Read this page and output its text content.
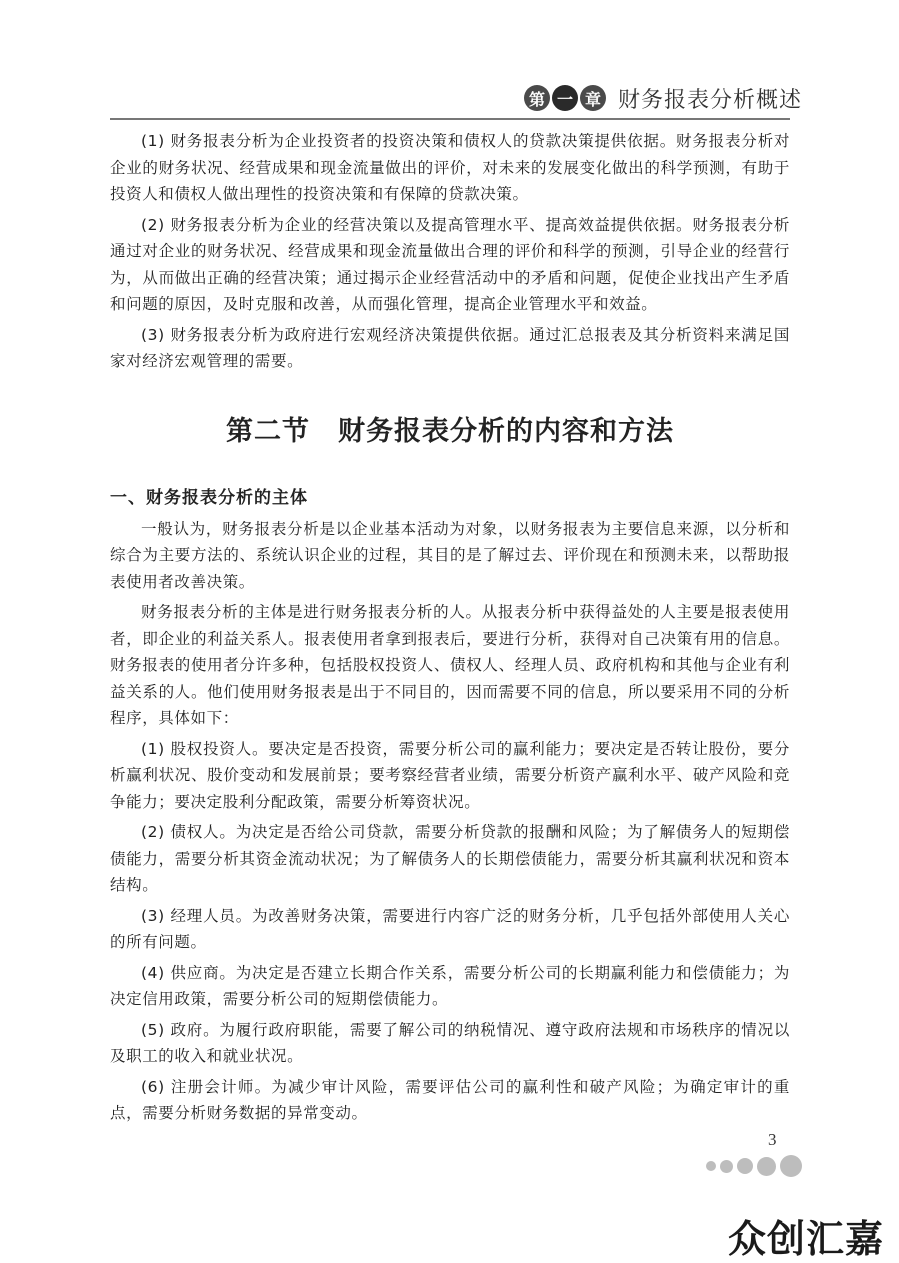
第 一 章 财务报表分析概述

(1) 财务报表分析为企业投资者的投资决策和债权人的贷款决策提供依据。财务报表分析对企业的财务状况、经营成果和现金流量做出的评价，对未来的发展变化做出的科学预测，有助于投资人和债权人做出理性的投资决策和有保障的贷款决策。

(2) 财务报表分析为企业的经营决策以及提高管理水平、提高效益提供依据。财务报表分析通过对企业的财务状况、经营成果和现金流量做出合理的评价和科学的预测，引导企业的经营行为，从而做出正确的经营决策；通过揭示企业经营活动中的矛盾和问题，促使企业找出产生矛盾和问题的原因，及时克服和改善，从而强化管理，提高企业管理水平和效益。

(3) 财务报表分析为政府进行宏观经济决策提供依据。通过汇总报表及其分析资料来满足国家对经济宏观管理的需要。

第二节　财务报表分析的内容和方法
一、财务报表分析的主体

一般认为，财务报表分析是以企业基本活动为对象，以财务报表为主要信息来源，以分析和综合为主要方法的、系统认识企业的过程，其目的是了解过去、评价现在和预测未来，以帮助报表使用者改善决策。

财务报表分析的主体是进行财务报表分析的人。从报表分析中获得益处的人主要是报表使用者，即企业的利益关系人。报表使用者拿到报表后，要进行分析，获得对自己决策有用的信息。财务报表的使用者分许多种，包括股权投资人、债权人、经理人员、政府机构和其他与企业有利益关系的人。他们使用财务报表是出于不同目的，因而需要不同的信息，所以要采用不同的分析程序，具体如下：

(1) 股权投资人。要决定是否投资，需要分析公司的赢利能力；要决定是否转让股份，要分析赢利状况、股价变动和发展前景；要考察经营者业绩，需要分析资产赢利水平、破产风险和竞争能力；要决定股利分配政策，需要分析筹资状况。

(2) 债权人。为决定是否给公司贷款，需要分析贷款的报酬和风险；为了解债务人的短期偿债能力，需要分析其资金流动状况；为了解债务人的长期偿债能力，需要分析其赢利状况和资本结构。

(3) 经理人员。为改善财务决策，需要进行内容广泛的财务分析，几乎包括外部使用人关心的所有问题。

(4) 供应商。为决定是否建立长期合作关系，需要分析公司的长期赢利能力和偿债能力；为决定信用政策，需要分析公司的短期偿债能力。

(5) 政府。为履行政府职能，需要了解公司的纳税情况、遵守政府法规和市场秩序的情况以及职工的收入和就业状况。

(6) 注册会计师。为减少审计风险，需要评估公司的赢利性和破产风险；为确定审计的重点，需要分析财务数据的异常变动。

3
众创汇嘉
